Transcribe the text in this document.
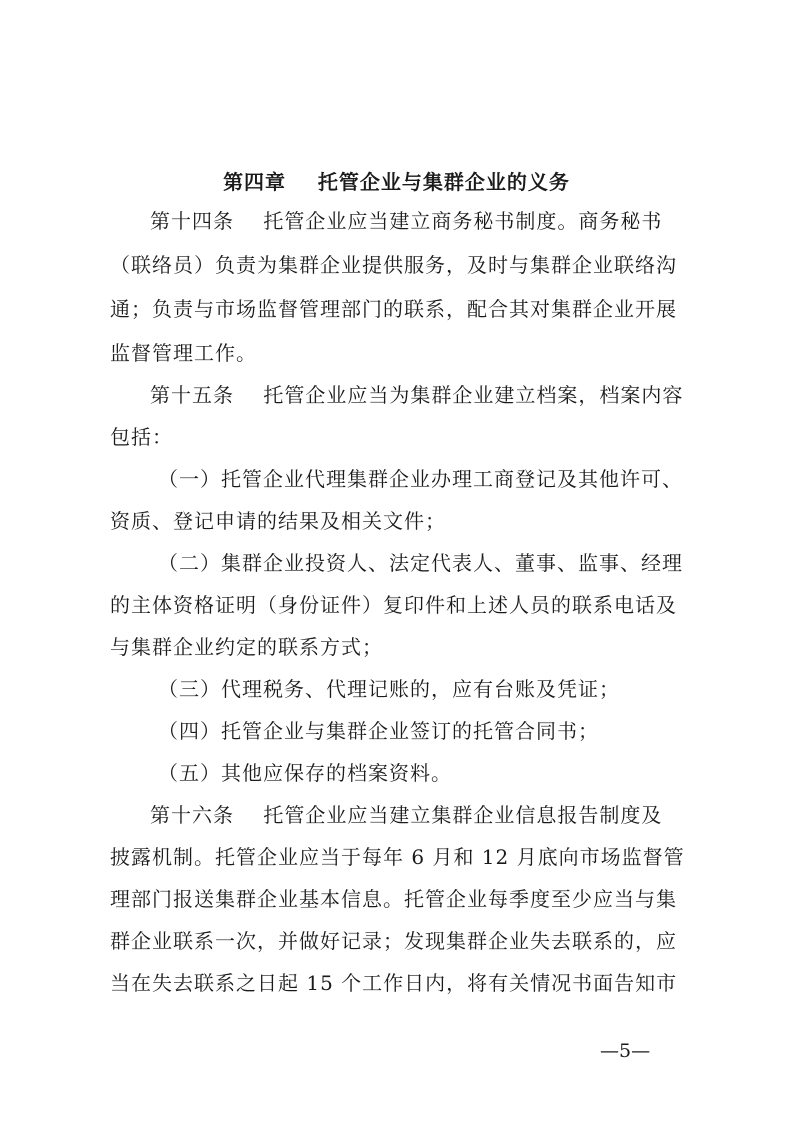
第四章    托管企业与集群企业的义务
第十四条    托管企业应当建立商务秘书制度。商务秘书
（联络员）负责为集群企业提供服务，及时与集群企业联络沟
通；负责与市场监督管理部门的联系，配合其对集群企业开展
监督管理工作。
第十五条    托管企业应当为集群企业建立档案，档案内容
包括：
（一）托管企业代理集群企业办理工商登记及其他许可、
资质、登记申请的结果及相关文件；
（二）集群企业投资人、法定代表人、董事、监事、经理
的主体资格证明（身份证件）复印件和上述人员的联系电话及
与集群企业约定的联系方式；
（三）代理税务、代理记账的，应有台账及凭证；
（四）托管企业与集群企业签订的托管合同书；
（五）其他应保存的档案资料。
第十六条    托管企业应当建立集群企业信息报告制度及
披露机制。托管企业应当于每年 6 月和 12 月底向市场监督管
理部门报送集群企业基本信息。托管企业每季度至少应当与集
群企业联系一次，并做好记录；发现集群企业失去联系的，应
当在失去联系之日起 15 个工作日内，将有关情况书面告知市
—5—
